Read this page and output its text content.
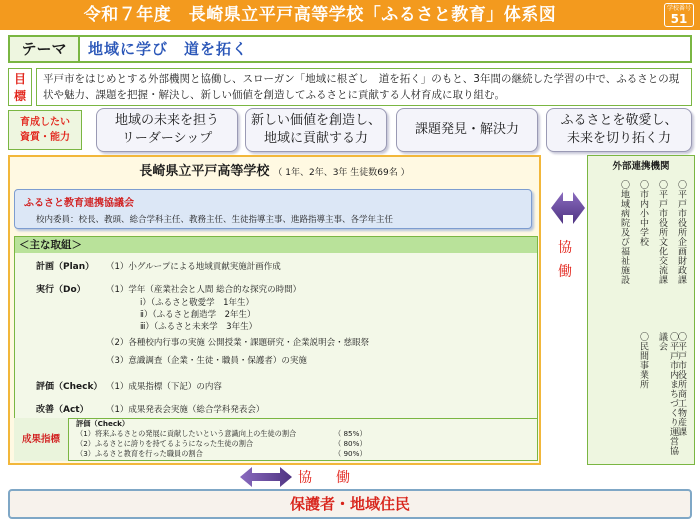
令和７年度　長崎県立平戸高等学校「ふるさと教育」体系図	学校番号
51
テーマ	地域に学び　道を拓く
目
標
平戸市をはじめとする外部機関と協働し、スローガン「地域に根ざし　道を拓く」のもと、3年間の継続した学習の中で、ふるさとの現状や魅力、課題を把握・解決し、新しい価値を創造してふるさとに貢献する人材育成に取り組む。
育成したい
資質・能力
地域の未来を担う
リーダーシップ
新しい価値を創造し、
地域に貢献する力
課題発見・解決力
ふるさとを敬愛し、
未来を切り拓く力
長崎県立平戸高等学校 （ 1年、2年、3年 生徒数69名 ）
ふるさと教育連携協議会
校内委員：校長、教頭、総合学科主任、教務主任、生徒指導主事、進路指導主事、各学年主任
＜主な取組＞
計画（Plan） （1）小グループによる地域貢献実施計画作成
実行（Do） （1）学年（産業社会と人間 総合的な探究の時間）
ⅰ）（ふるさと敬愛学　1年生）
ⅱ）（ふるさと創造学　2年生）
ⅲ）（ふるさと未来学　3年生）
（2）各種校内行事の実施 公開授業・課題研究・企業説明会・慈眼祭
（3）意識調査（企業・生徒・職員・保護者）の実施
評価（Check） （1）成果指標（下記）の内容
改善（Act） （1）成果発表会実施（総合学科発表会）
成果指標
評価（Check）
（1）将来ふるさとの発展に貢献したいという意識向上の生徒の割合	（ 85%）
（2）ふるさとに誇りを持てるようになった生徒の割合	（ 80%）
（3）ふるさと教育を行った職員の割合	（ 90%）
協
働
外部連携機関
〇平戸市役所企画財政課
〇平戸市役所商工物産課
〇平戸市役所文化交流課
〇平戸市内まちづくり運営協議会
〇市内小中学校
〇民間事業所
〇地域病院及び福祉施設
協　働
保護者・地域住民
